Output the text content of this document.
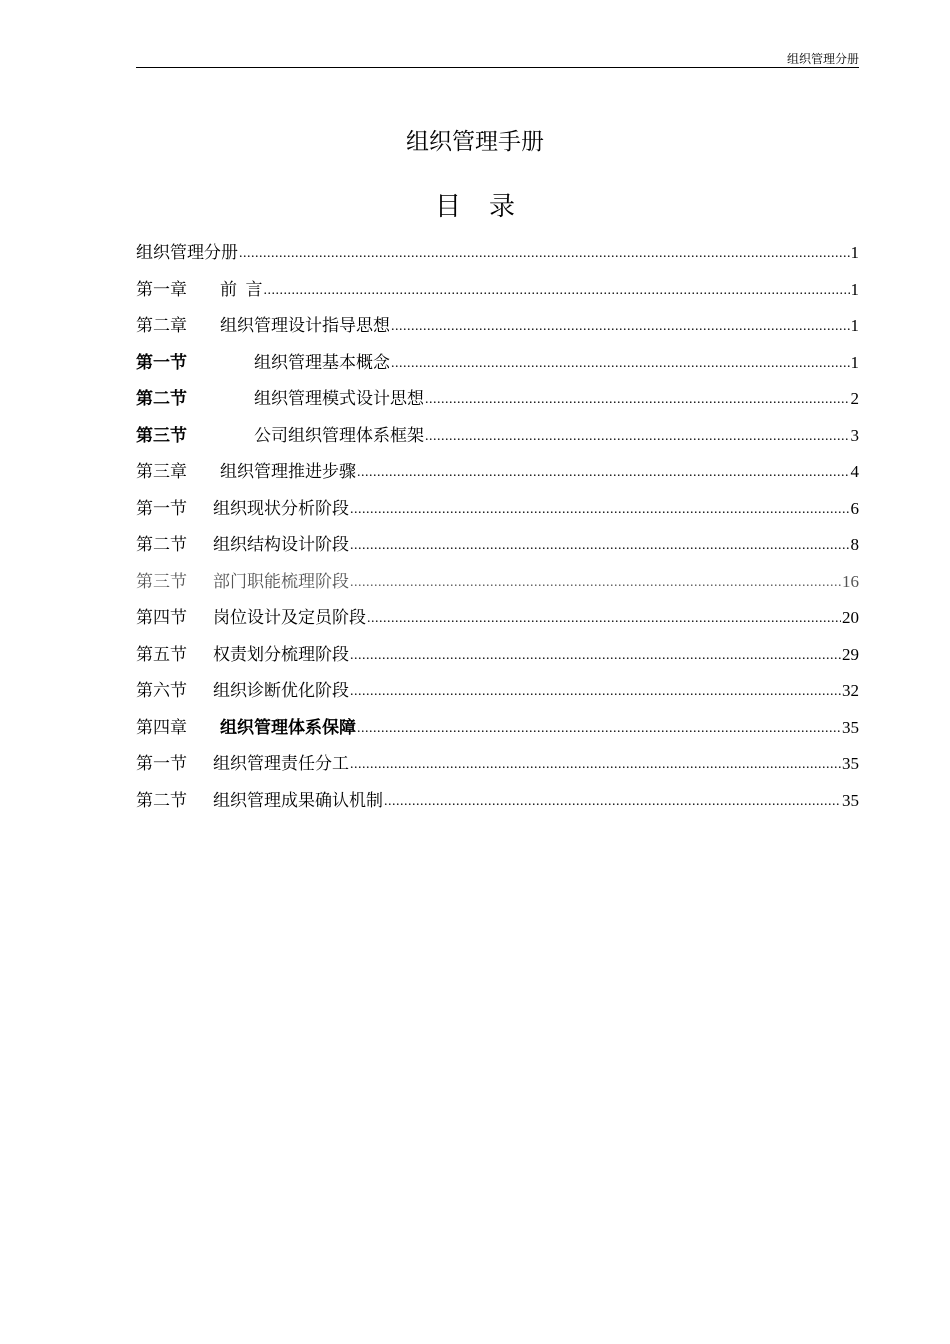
组织管理分册
组织管理手册
目录
组织管理分册 .....	1
第一章	前  言 .....	1
第二章	组织管理设计指导思想 .....	1
第一节	组织管理基本概念 .....	1
第二节	组织管理模式设计思想 .....	2
第三节	公司组织管理体系框架 .....	3
第三章	组织管理推进步骤 .....	4
第一节	组织现状分析阶段 .....	6
第二节	组织结构设计阶段 .....	8
第三节	部门职能梳理阶段 .....	16
第四节	岗位设计及定员阶段 .....	20
第五节	权责划分梳理阶段 .....	29
第六节	组织诊断优化阶段 .....	32
第四章	组织管理体系保障 .....	35
第一节	组织管理责任分工 .....	35
第二节	组织管理成果确认机制 .....	35
